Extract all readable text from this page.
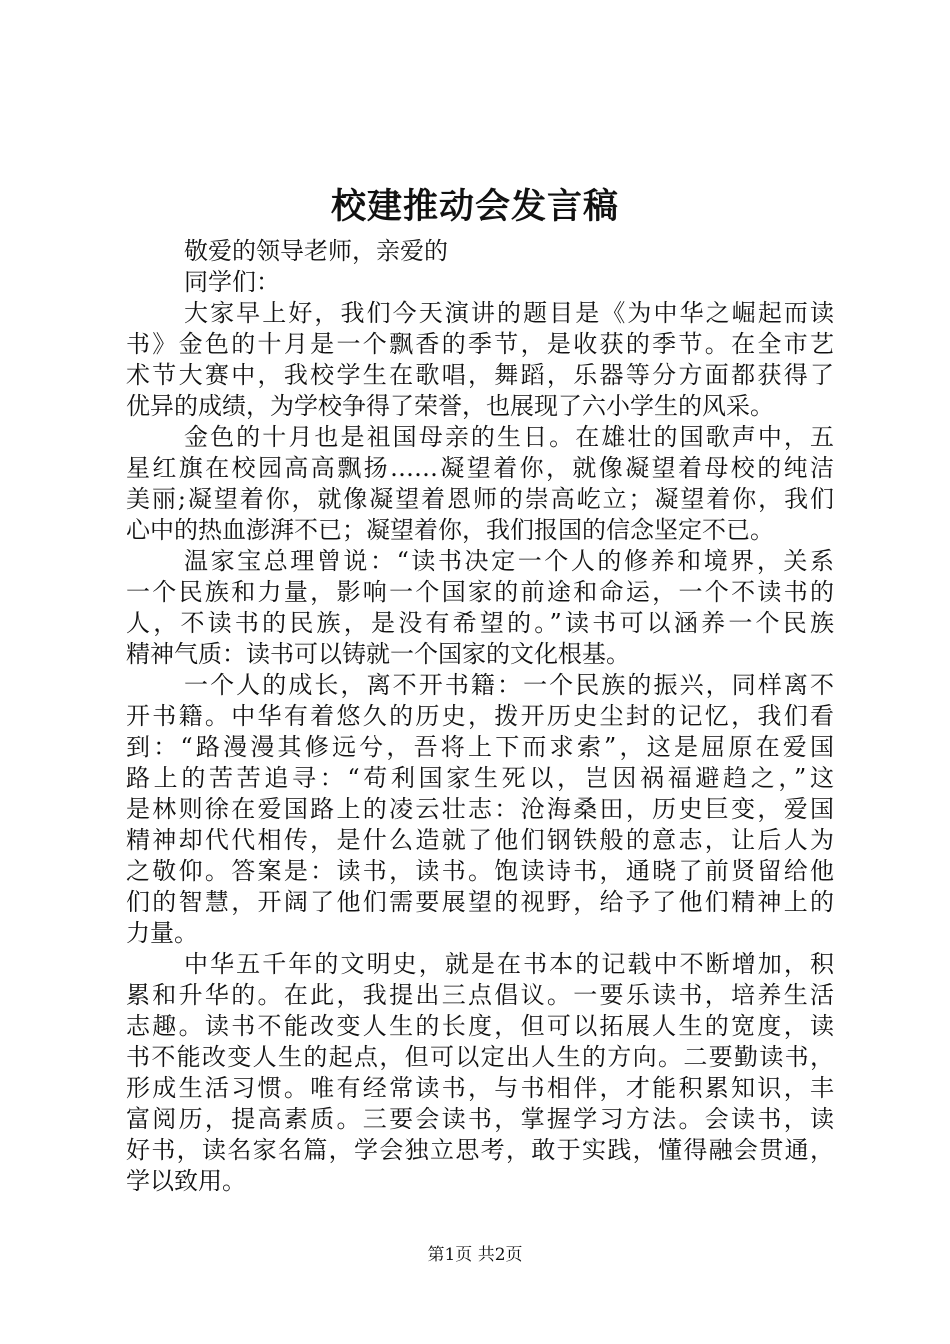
校建推动会发言稿
敬爱的领导老师，亲爱的
同学们：
大家早上好，我们今天演讲的题目是《为中华之崛起而读
书》金色的十月是一个飘香的季节，是收获的季节。在全市艺
术节大赛中，我校学生在歌唱，舞蹈，乐器等分方面都获得了
优异的成绩，为学校争得了荣誉，也展现了六小学生的风采。
金色的十月也是祖国母亲的生日。在雄壮的国歌声中，五
星红旗在校园高高飘扬……凝望着你，就像凝望着母校的纯洁
美丽;凝望着你，就像凝望着恩师的崇高屹立；凝望着你，我们
心中的热血澎湃不已；凝望着你，我们报国的信念坚定不已。
温家宝总理曾说：“读书决定一个人的修养和境界，关系
一个民族和力量，影响一个国家的前途和命运，一个不读书的
人，不读书的民族，是没有希望的。”读书可以涵养一个民族
精神气质：读书可以铸就一个国家的文化根基。
一个人的成长，离不开书籍：一个民族的振兴，同样离不
开书籍。中华有着悠久的历史，拨开历史尘封的记忆，我们看
到：“路漫漫其修远兮，吾将上下而求索”，这是屈原在爱国
路上的苦苦追寻：“苟利国家生死以，岂因祸福避趋之，”这
是林则徐在爱国路上的凌云壮志：沧海桑田，历史巨变，爱国
精神却代代相传，是什么造就了他们钢铁般的意志，让后人为
之敬仰。答案是：读书，读书。饱读诗书，通晓了前贤留给他
们的智慧，开阔了他们需要展望的视野，给予了他们精神上的
力量。
中华五千年的文明史，就是在书本的记载中不断增加，积
累和升华的。在此，我提出三点倡议。一要乐读书，培养生活
志趣。读书不能改变人生的长度，但可以拓展人生的宽度，读
书不能改变人生的起点，但可以定出人生的方向。二要勤读书，
形成生活习惯。唯有经常读书，与书相伴，才能积累知识，丰
富阅历，提高素质。三要会读书，掌握学习方法。会读书，读
好书，读名家名篇，学会独立思考，敢于实践，懂得融会贯通，
学以致用。
第1页 共2页
